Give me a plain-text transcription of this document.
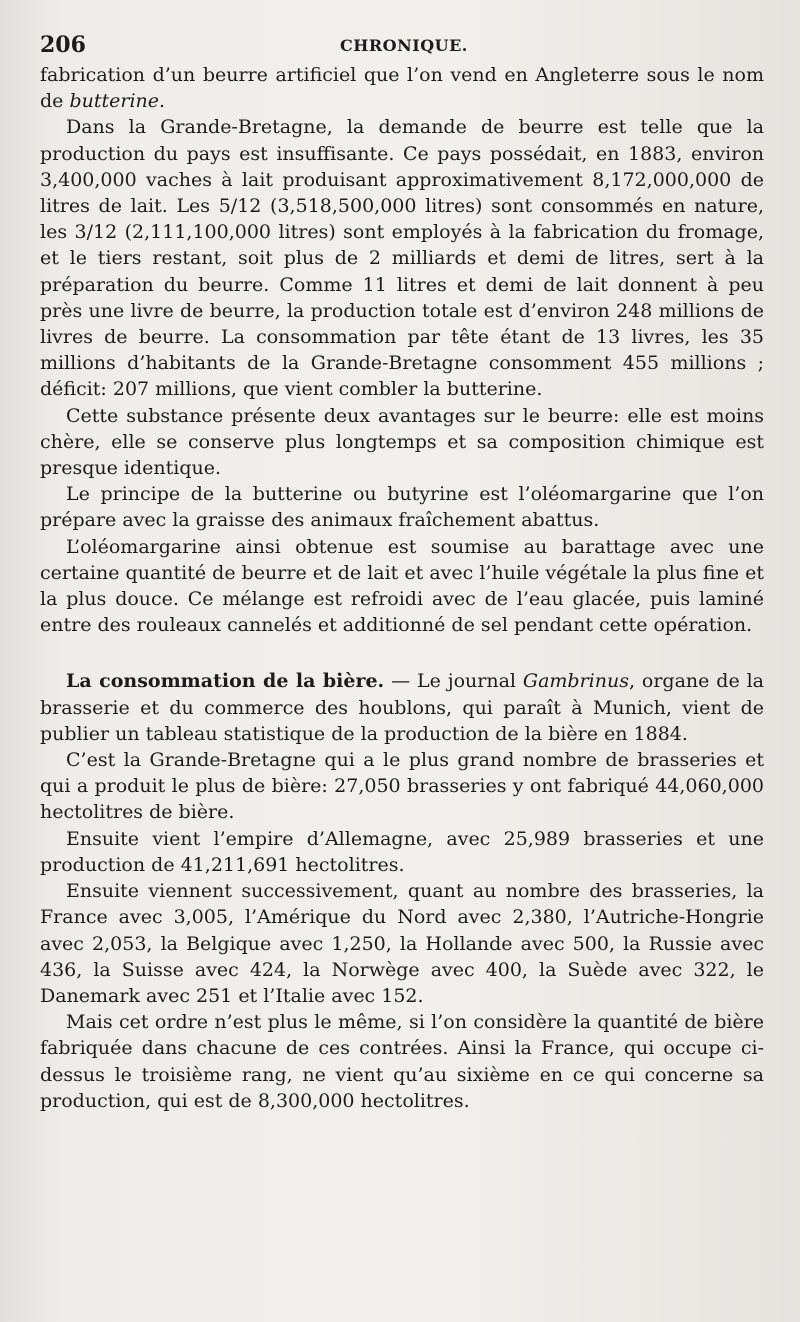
206	CHRONIQUE.

fabrication d’un beurre artificiel que l’on vend en Angleterre sous le nom de butterine.

Dans la Grande-Bretagne, la demande de beurre est telle que la production du pays est insuffisante. Ce pays possédait, en 1883, environ 3,400,000 vaches à lait produisant approximativement 8,172,000,000 de litres de lait. Les 5/12 (3,518,500,000 litres) sont consommés en nature, les 3/12 (2,111,100,000 litres) sont employés à la fabrication du fromage, et le tiers restant, soit plus de 2 milliards et demi de litres, sert à la préparation du beurre. Comme 11 litres et demi de lait donnent à peu près une livre de beurre, la production totale est d’environ 248 millions de livres de beurre. La consommation par tête étant de 13 livres, les 35 millions d’habitants de la Grande-Bretagne consomment 455 millions ; déficit: 207 millions, que vient combler la butterine.

Cette substance présente deux avantages sur le beurre: elle est moins chère, elle se conserve plus longtemps et sa composition chimique est presque identique.

Le principe de la butterine ou butyrine est l’oléomargarine que l’on prépare avec la graisse des animaux fraîchement abattus.

L’oléomargarine ainsi obtenue est soumise au barattage avec une certaine quantité de beurre et de lait et avec l’huile végétale la plus fine et la plus douce. Ce mélange est refroidi avec de l’eau glacée, puis laminé entre des rouleaux cannelés et additionné de sel pendant cette opération.

La consommation de la bière. — Le journal Gambrinus, organe de la brasserie et du commerce des houblons, qui paraît à Munich, vient de publier un tableau statistique de la production de la bière en 1884.

C’est la Grande-Bretagne qui a le plus grand nombre de brasseries et qui a produit le plus de bière: 27,050 brasseries y ont fabriqué 44,060,000 hectolitres de bière.

Ensuite vient l’empire d’Allemagne, avec 25,989 brasseries et une production de 41,211,691 hectolitres.

Ensuite viennent successivement, quant au nombre des brasseries, la France avec 3,005, l’Amérique du Nord avec 2,380, l’Autriche-Hongrie avec 2,053, la Belgique avec 1,250, la Hollande avec 500, la Russie avec 436, la Suisse avec 424, la Norwège avec 400, la Suède avec 322, le Danemark avec 251 et l’Italie avec 152.

Mais cet ordre n’est plus le même, si l’on considère la quantité de bière fabriquée dans chacune de ces contrées. Ainsi la France, qui occupe ci-dessus le troisième rang, ne vient qu’au sixième en ce qui concerne sa production, qui est de 8,300,000 hectolitres.
